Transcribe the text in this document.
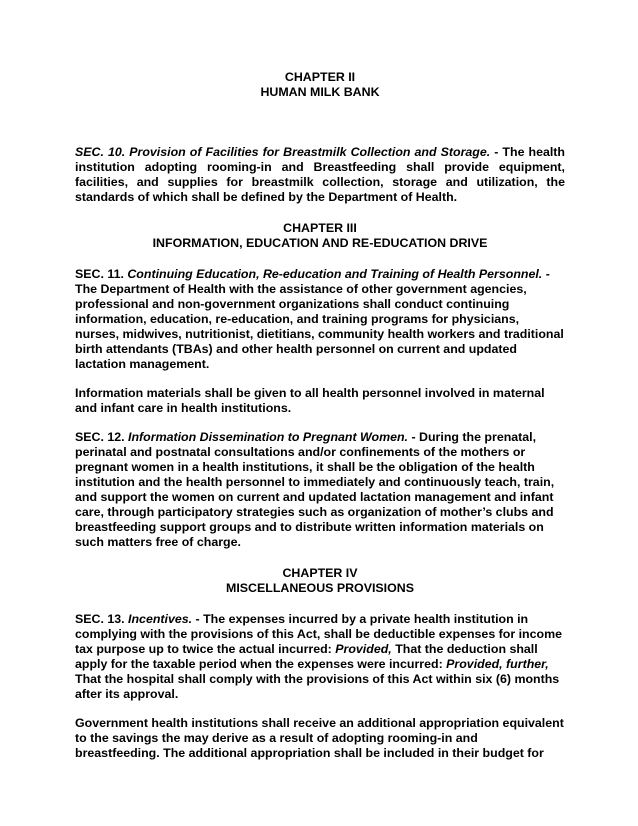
CHAPTER II
HUMAN MILK BANK

SEC. 10. Provision of Facilities for Breastmilk Collection and Storage. - The health institution adopting rooming-in and Breastfeeding shall provide equipment, facilities, and supplies for breastmilk collection, storage and utilization, the standards of which shall be defined by the Department of Health.

CHAPTER III
INFORMATION, EDUCATION AND RE-EDUCATION DRIVE

SEC. 11. Continuing Education, Re-education and Training of Health Personnel. - The Department of Health with the assistance of other government agencies, professional and non-government organizations shall conduct continuing information, education, re-education, and training programs for physicians, nurses, midwives, nutritionist, dietitians, community health workers and traditional birth attendants (TBAs) and other health personnel on current and updated lactation management.

Information materials shall be given to all health personnel involved in maternal and infant care in health institutions.

SEC. 12. Information Dissemination to Pregnant Women. - During the prenatal, perinatal and postnatal consultations and/or confinements of the mothers or pregnant women in a health institutions, it shall be the obligation of the health institution and the health personnel to immediately and continuously teach, train, and support the women on current and updated lactation management and infant care, through participatory strategies such as organization of mother’s clubs and breastfeeding support groups and to distribute written information materials on such matters free of charge.

CHAPTER IV
MISCELLANEOUS PROVISIONS

SEC. 13. Incentives. - The expenses incurred by a private health institution in complying with the provisions of this Act, shall be deductible expenses for income tax purpose up to twice the actual incurred: Provided, That the deduction shall apply for the taxable period when the expenses were incurred: Provided, further, That the hospital shall comply with the provisions of this Act within six (6) months after its approval.

Government health institutions shall receive an additional appropriation equivalent to the savings the may derive as a result of adopting rooming-in and breastfeeding. The additional appropriation shall be included in their budget for
